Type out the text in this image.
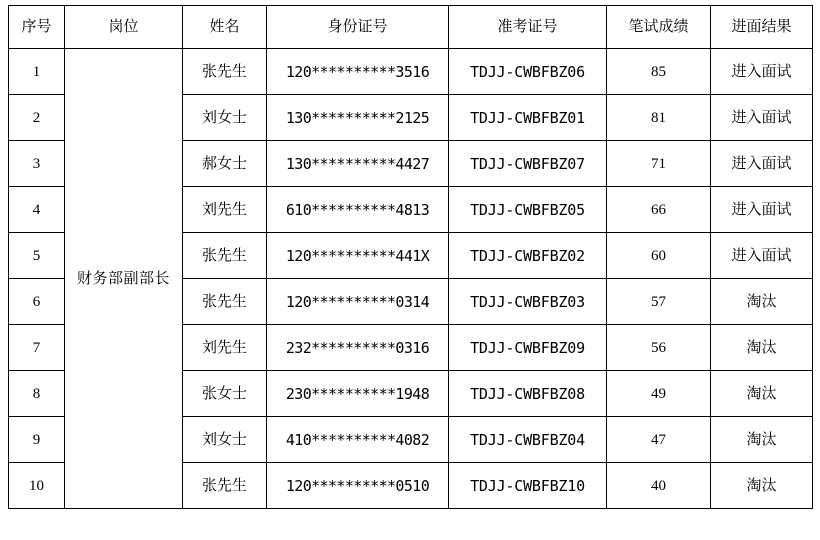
序号	岗位	姓名	身份证号	准考证号	笔试成绩	进面结果
1	财务部副部长	张先生	120**********3516	TDJJ-CWBFBZ06	85	进入面试
2		刘女士	130**********2125	TDJJ-CWBFBZ01	81	进入面试
3		郝女士	130**********4427	TDJJ-CWBFBZ07	71	进入面试
4		刘先生	610**********4813	TDJJ-CWBFBZ05	66	进入面试
5		张先生	120**********441X	TDJJ-CWBFBZ02	60	进入面试
6		张先生	120**********0314	TDJJ-CWBFBZ03	57	淘汰
7		刘先生	232**********0316	TDJJ-CWBFBZ09	56	淘汰
8		张女士	230**********1948	TDJJ-CWBFBZ08	49	淘汰
9		刘女士	410**********4082	TDJJ-CWBFBZ04	47	淘汰
10		张先生	120**********0510	TDJJ-CWBFBZ10	40	淘汰
